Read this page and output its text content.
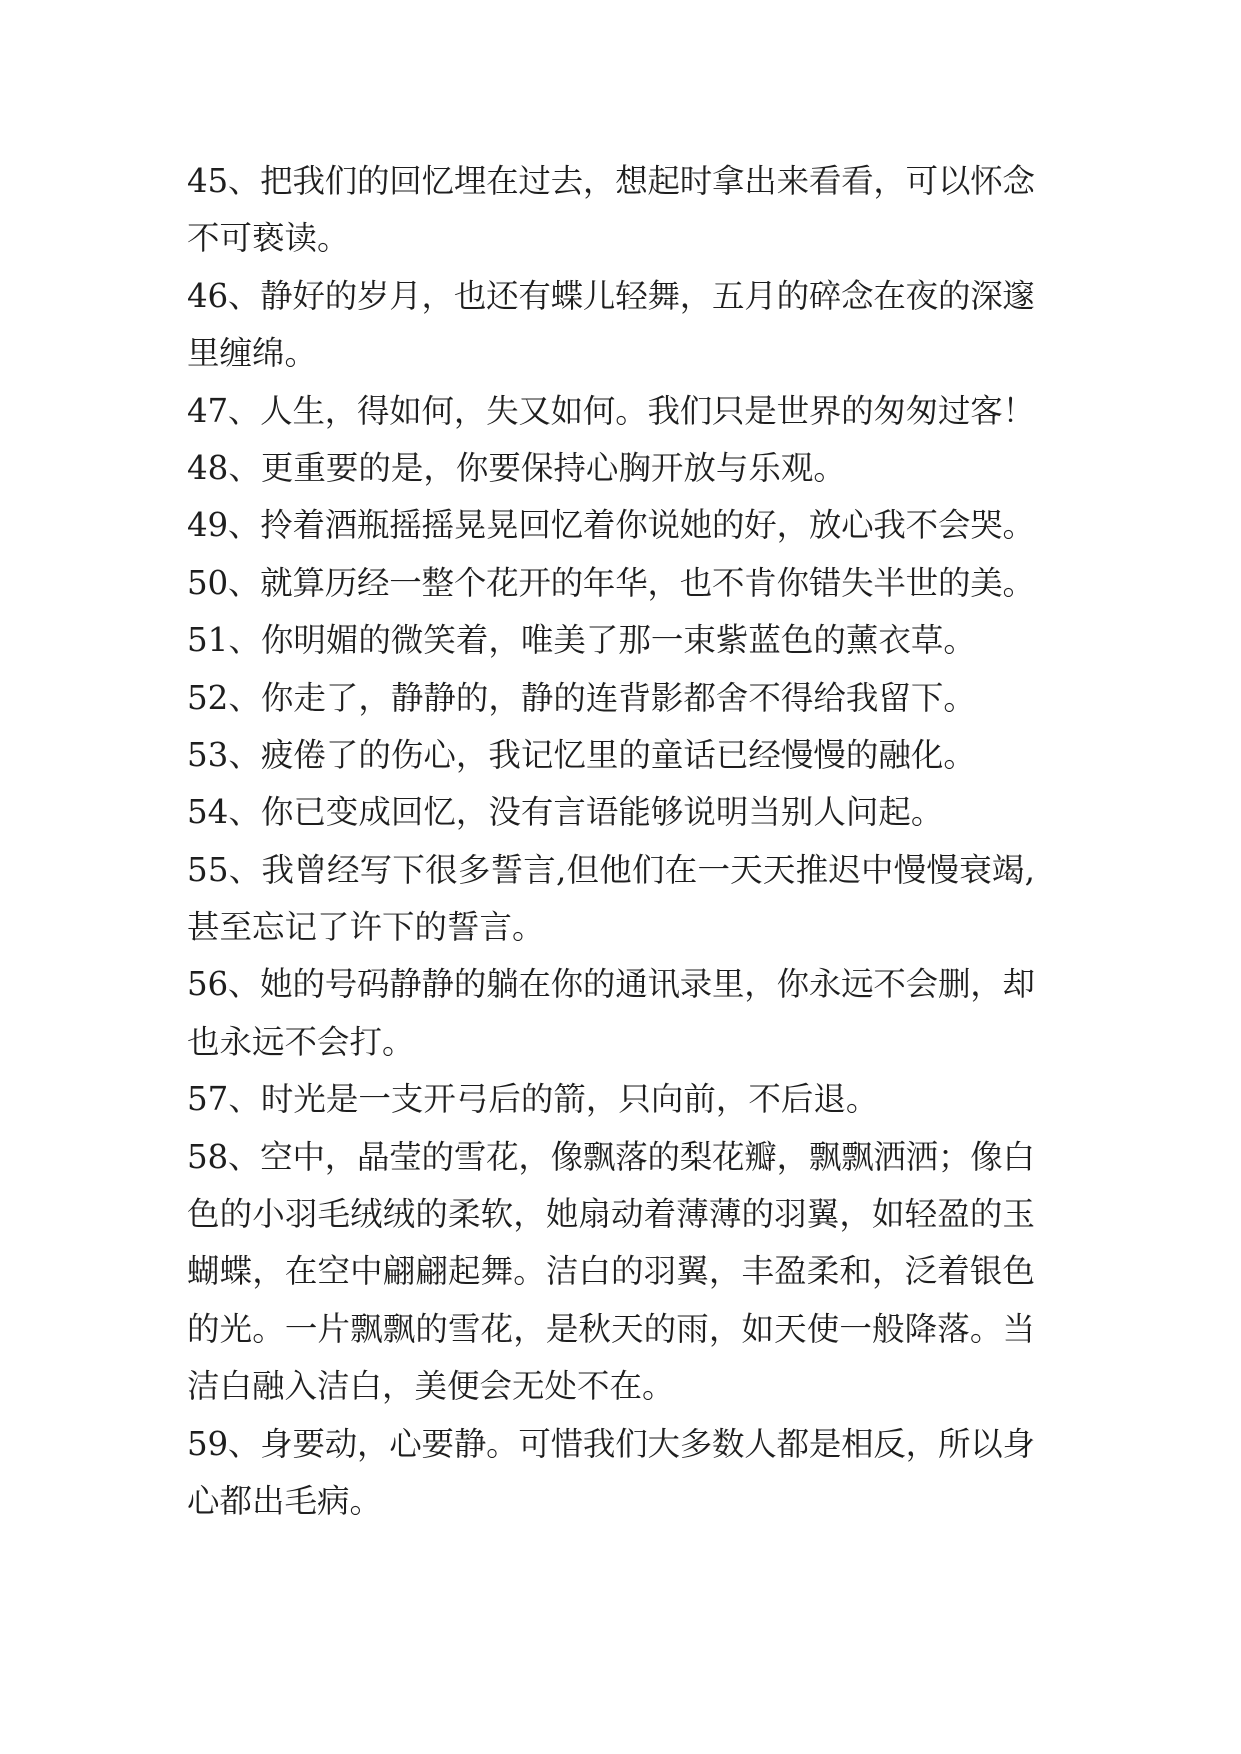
45、把我们的回忆埋在过去，想起时拿出来看看，可以怀念
不可亵读。
46、静好的岁月，也还有蝶儿轻舞，五月的碎念在夜的深邃
里缠绵。
47、人生，得如何，失又如何。我们只是世界的匆匆过客！
48、更重要的是，你要保持心胸开放与乐观。
49、拎着酒瓶摇摇晃晃回忆着你说她的好，放心我不会哭。
50、就算历经一整个花开的年华，也不肯你错失半世的美。
51、你明媚的微笑着，唯美了那一束紫蓝色的薰衣草。
52、你走了，静静的，静的连背影都舍不得给我留下。
53、疲倦了的伤心，我记忆里的童话已经慢慢的融化。
54、你已变成回忆，没有言语能够说明当别人问起。
55、我曾经写下很多誓言,但他们在一天天推迟中慢慢衰竭,
甚至忘记了许下的誓言。
56、她的号码静静的躺在你的通讯录里，你永远不会删，却
也永远不会打。
57、时光是一支开弓后的箭，只向前，不后退。
58、空中，晶莹的雪花，像飘落的梨花瓣，飘飘洒洒；像白
色的小羽毛绒绒的柔软，她扇动着薄薄的羽翼，如轻盈的玉
蝴蝶，在空中翩翩起舞。洁白的羽翼，丰盈柔和，泛着银色
的光。一片飘飘的雪花，是秋天的雨，如天使一般降落。当
洁白融入洁白，美便会无处不在。
59、身要动，心要静。可惜我们大多数人都是相反，所以身
心都出毛病。
